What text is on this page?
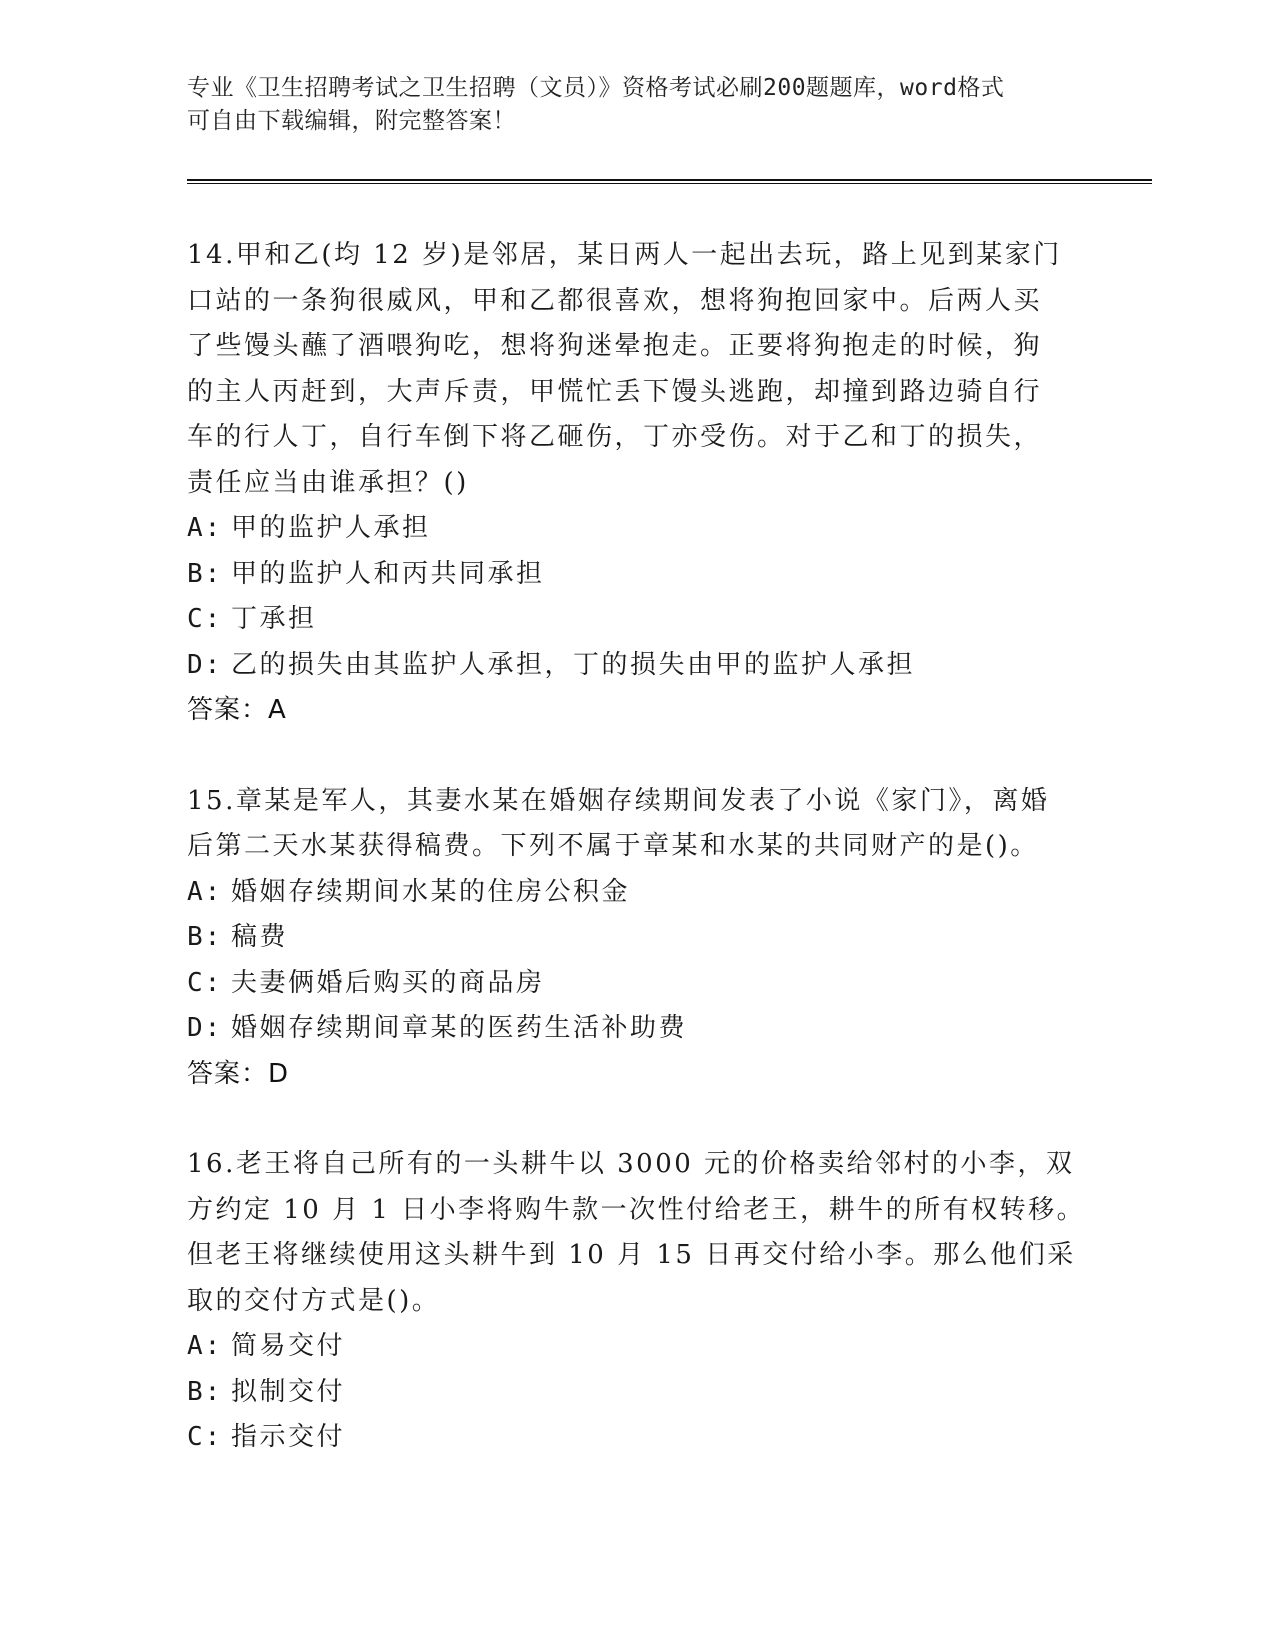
专业《卫生招聘考试之卫生招聘（文员）》资格考试必刷200题题库，word格式
可自由下载编辑，附完整答案！
14.甲和乙(均 12 岁)是邻居，某日两人一起出去玩，路上见到某家门
口站的一条狗很威风，甲和乙都很喜欢，想将狗抱回家中。后两人买
了些馒头蘸了酒喂狗吃，想将狗迷晕抱走。正要将狗抱走的时候，狗
的主人丙赶到，大声斥责，甲慌忙丢下馒头逃跑，却撞到路边骑自行
车的行人丁，自行车倒下将乙砸伤，丁亦受伤。对于乙和丁的损失，
责任应当由谁承担？()
A: 甲的监护人承担
B: 甲的监护人和丙共同承担
C: 丁承担
D: 乙的损失由其监护人承担，丁的损失由甲的监护人承担
答案：A
15.章某是军人，其妻水某在婚姻存续期间发表了小说《家门》，离婚
后第二天水某获得稿费。下列不属于章某和水某的共同财产的是()。
A: 婚姻存续期间水某的住房公积金
B: 稿费
C: 夫妻俩婚后购买的商品房
D: 婚姻存续期间章某的医药生活补助费
答案：D
16.老王将自己所有的一头耕牛以 3000 元的价格卖给邻村的小李，双
方约定 10 月 1 日小李将购牛款一次性付给老王，耕牛的所有权转移。
但老王将继续使用这头耕牛到 10 月 15 日再交付给小李。那么他们采
取的交付方式是()。
A: 简易交付
B: 拟制交付
C: 指示交付
